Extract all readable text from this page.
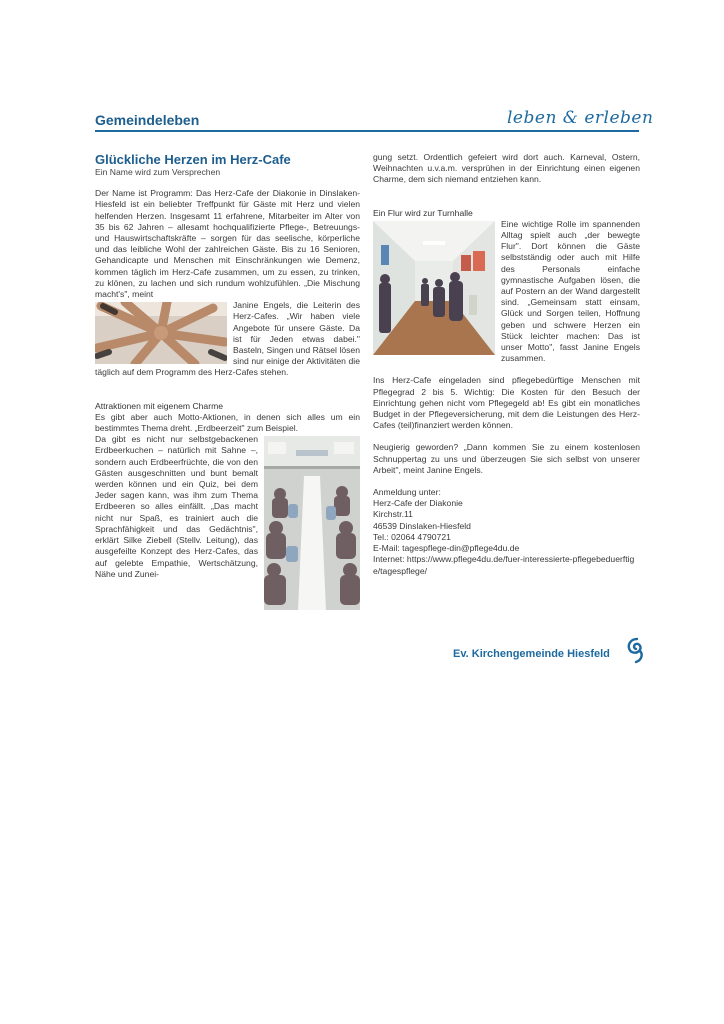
Gemeindeleben	leben & erleben
Glückliche Herzen im Herz-Cafe
Ein Name wird zum Versprechen

Der Name ist Programm: Das Herz-Cafe der Diakonie in Dinslaken-Hiesfeld ist ein beliebter Treffpunkt für Gäste mit Herz und vielen helfenden Herzen. Insgesamt 11 erfahrene, Mitarbeiter im Alter von 35 bis 62 Jahren – allesamt hochqualifizierte Pflege-, Betreuungs- und Hauswirtschaftskräfte – sorgen für das seelische, körperliche und das leibliche Wohl der zahlreichen Gäste. Bis zu 16 Senioren, Gehandicapte und Menschen mit Einschränkungen wie Demenz, kommen täglich im Herz-Cafe zusammen, um zu essen, zu trinken, zu klönen, zu lachen und sich rundum wohlzufühlen. „Die Mischung macht's", meint

Janine Engels, die Leiterin des Herz-Cafes. „Wir haben viele Angebote für unsere Gäste. Da ist für Jeden etwas dabei." Basteln, Singen und Rätsel lösen sind nur einige der Aktivitäten die täglich auf dem Programm des Herz-Cafes stehen.

Attraktionen mit eigenem Charme

Es gibt aber auch Motto-Aktionen, in denen sich alles um ein bestimmtes Thema dreht. „Erdbeerzeit" zum Beispiel.

Da gibt es nicht nur selbstgebackenen Erdbeerkuchen – natürlich mit Sahne –, sondern auch Erdbeerfrüchte, die von den Gästen ausgeschnitten und bunt bemalt werden können und ein Quiz, bei dem Jeder sagen kann, was ihm zum Thema Erdbeeren so alles einfällt. „Das macht nicht nur Spaß, es trainiert auch die Sprachfähigkeit und das Gedächtnis", erklärt Silke Ziebell (Stellv. Leitung), das ausgefeilte Konzept des Herz-Cafes, das auf gelebte Empathie, Wertschätzung, Nähe und Zunei-

gung setzt. Ordentlich gefeiert wird dort auch. Karneval, Ostern, Weihnachten u.v.a.m. versprühen in der Einrichtung einen eigenen Charme, dem sich niemand entziehen kann.

Ein Flur wird zur Turnhalle

Eine wichtige Rolle im spannenden Alltag spielt auch „der bewegte Flur". Dort können die Gäste selbstständig oder auch mit Hilfe des Personals einfache gymnastische Aufgaben lösen, die auf Postern an der Wand dargestellt sind. „Gemeinsam statt einsam, Glück und Sorgen teilen, Hoffnung geben und schwere Herzen ein Stück leichter machen: Das ist unser Motto", fasst Janine Engels zusammen.

Ins Herz-Cafe eingeladen sind pflegebedürftige Menschen mit Pflegegrad 2 bis 5. Wichtig: Die Kosten für den Besuch der Einrichtung gehen nicht vom Pflegegeld ab! Es gibt ein monatliches Budget in der Pflegeversicherung, mit dem die Leistungen des Herz-Cafes (teil)finanziert werden können.

Neugierig geworden? „Dann kommen Sie zu einem kostenlosen Schnuppertag zu uns und überzeugen Sie sich selbst von unserer Arbeit", meint Janine Engels.

Anmeldung unter:
Herz-Cafe der Diakonie
Kirchstr.11
46539 Dinslaken-Hiesfeld
Tel.: 02064 4790721
E-Mail: tagespflege-din@pflege4du.de
Internet: https://www.pflege4du.de/fuer-interessierte-pflegebeduerftige/tagespflege/
Ev. Kirchengemeinde Hiesfeld
